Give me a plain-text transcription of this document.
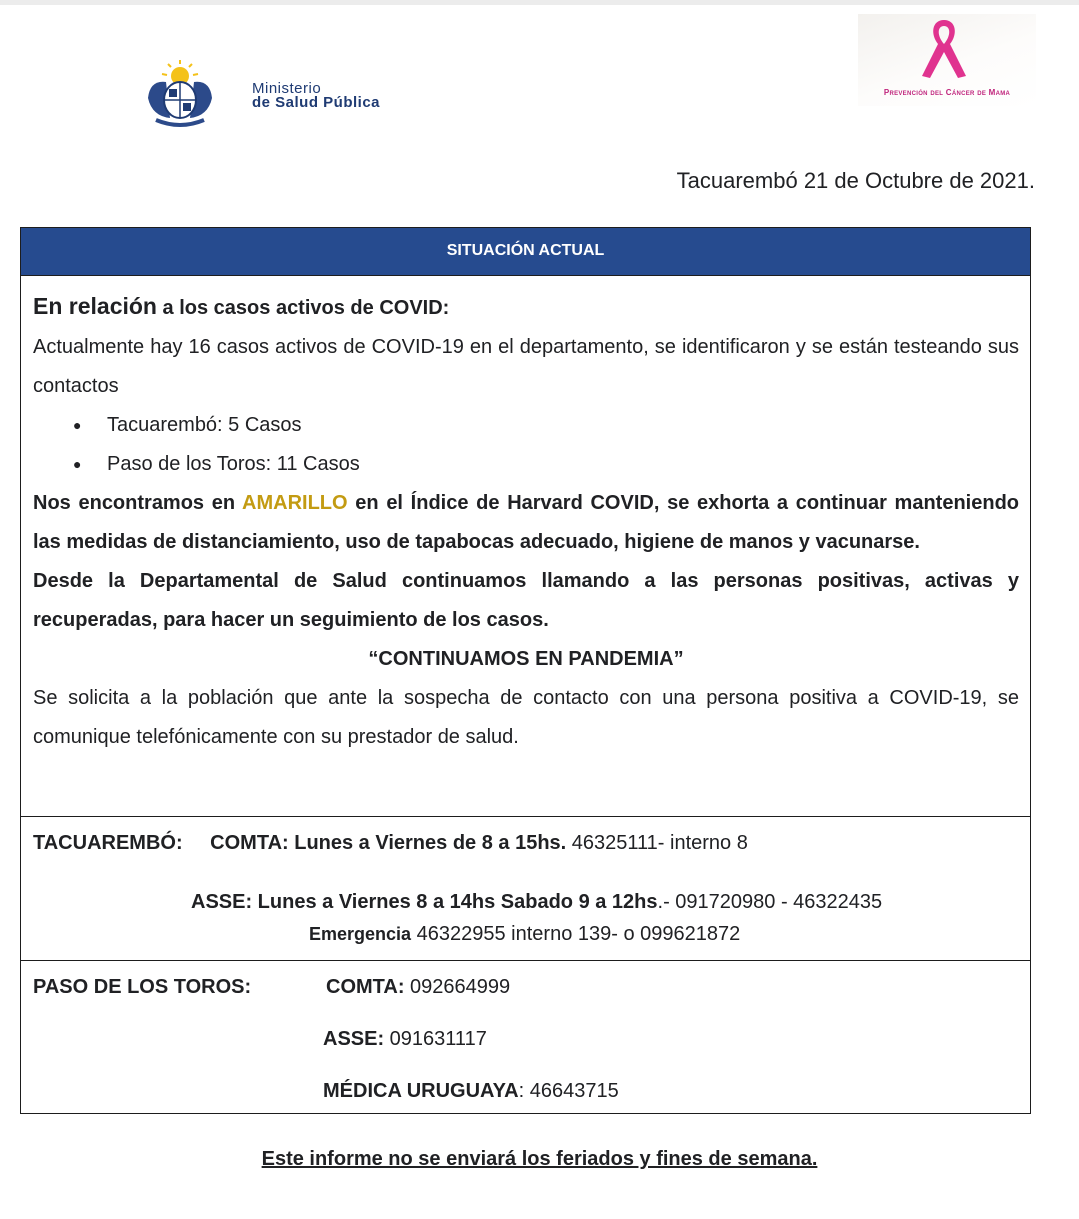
Ministerio
de Salud Pública
Prevención del Cáncer de Mama
Tacuarembó 21 de Octubre de 2021.
SITUACIÓN ACTUAL

En relación a los casos activos de COVID:

Actualmente hay 16 casos activos de COVID-19 en el departamento, se identificaron y se están testeando sus contactos

● Tacuarembó: 5 Casos
● Paso de los Toros: 11 Casos

Nos encontramos en AMARILLO en el Índice de Harvard COVID, se exhorta a continuar manteniendo las medidas de distanciamiento, uso de tapabocas adecuado, higiene de manos y vacunarse.

Desde la Departamental de Salud continuamos llamando a las personas positivas, activas y recuperadas, para hacer un seguimiento de los casos.

“CONTINUAMOS EN PANDEMIA”

Se solicita a la población que ante la sospecha de contacto con una persona positiva a COVID-19, se comunique telefónicamente con su prestador de salud.

TACUAREMBÓ: COMTA: Lunes a Viernes de 8 a 15hs. 46325111- interno 8
ASSE: Lunes a Viernes 8 a 14hs Sabado 9 a 12hs.- 091720980 - 46322435
Emergencia 46322955 interno 139- o 099621872
PASO DE LOS TOROS:	COMTA: 092664999
ASSE: 091631117
MÉDICA URUGUAYA: 46643715
Este informe no se enviará los feriados y fines de semana.
